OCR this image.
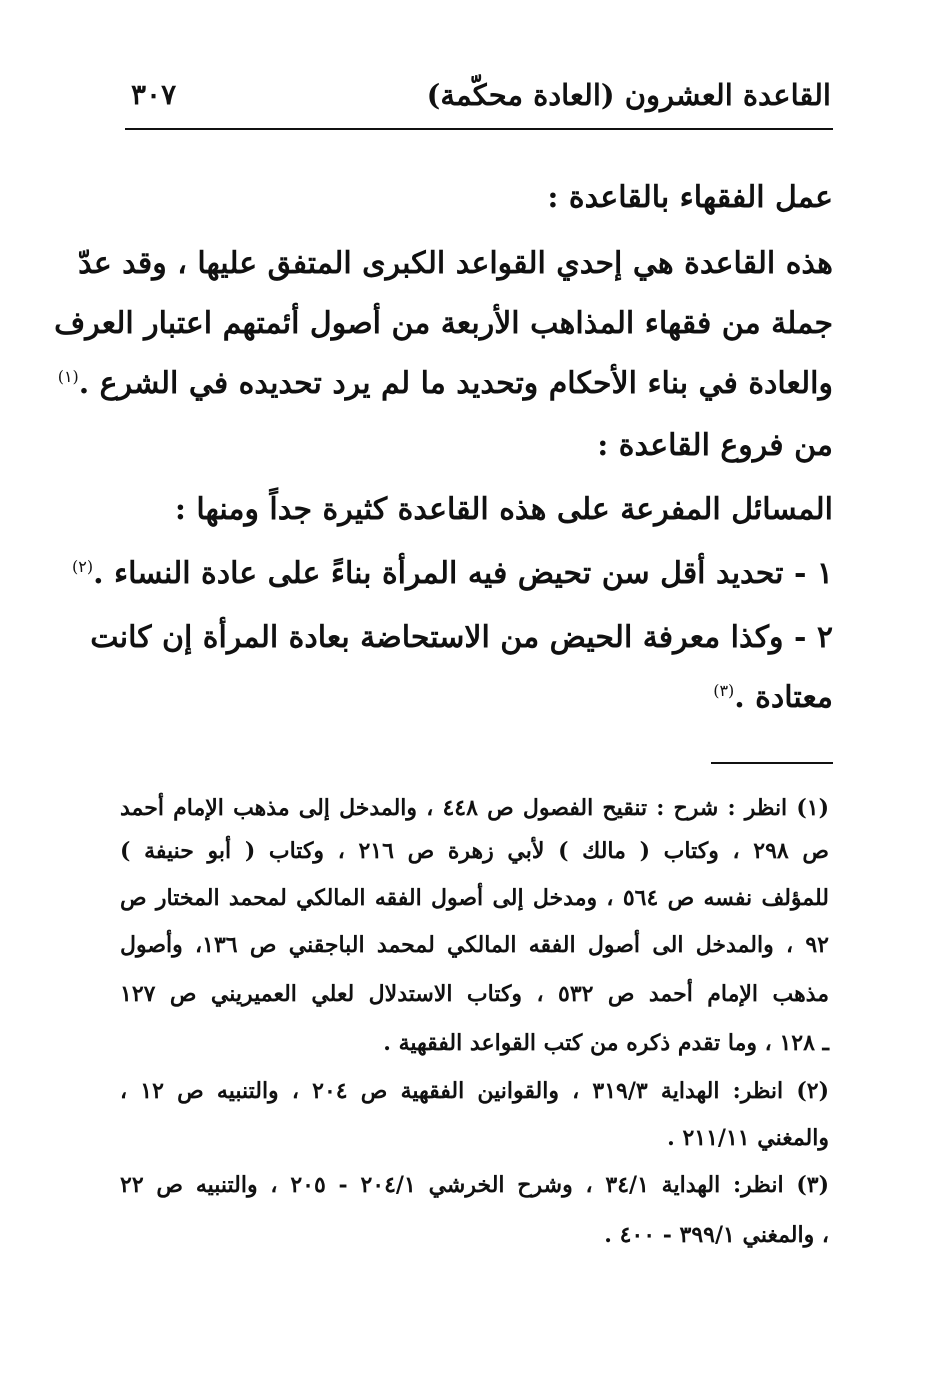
القاعدة العشرون (العادة محكّمة)
٣٠٧
عمل الفقهاء بالقاعدة :
هذه القاعدة هي إحدي القواعد الكبرى المتفق عليها ، وقد عدّ
جملة من فقهاء المذاهب الأربعة من أصول أئمتهم اعتبار العرف
والعادة في بناء الأحكام وتحديد ما لم يرد تحديده في الشرع .$^{(١)}$
من فروع القاعدة :
المسائل المفرعة على هذه القاعدة كثيرة جداً ومنها :
١ - تحديد أقل سن تحيض فيه المرأة بناءً على عادة النساء .$^{(٢)}$
٢ - وكذا معرفة الحيض من الاستحاضة بعادة المرأة إن كانت
معتادة .$^{(٣)}$
(١) انظر : شرح : تنقيح الفصول ص ٤٤٨ ، والمدخل إلى مذهب الإمام أحمد
ص ٢٩٨ ، وكتاب ( مالك ) لأبي زهرة ص ٢١٦ ، وكتاب ( أبو حنيفة )
للمؤلف نفسه ص ٥٦٤ ، ومدخل إلى أصول الفقه المالكي لمحمد المختار ص
٩٢ ، والمدخل الى أصول الفقه المالكي لمحمد الباجقني ص ١٣٦، وأصول
مذهب الإمام أحمد ص ٥٣٢ ، وكتاب الاستدلال لعلي العميريني ص ١٢٧
ـ ١٢٨ ، وما تقدم ذكره من كتب القواعد الفقهية .
(٢) انظر: الهداية ٣١٩/٣ ، والقوانين الفقهية ص ٢٠٤ ، والتنبيه ص ١٢ ،
والمغني ٢١١/١١ .
(٣) انظر: الهداية ٣٤/١ ، وشرح الخرشي ٢٠٤/١ - ٢٠٥ ، والتنبيه ص ٢٢
، والمغني ٣٩٩/١ - ٤٠٠ .
